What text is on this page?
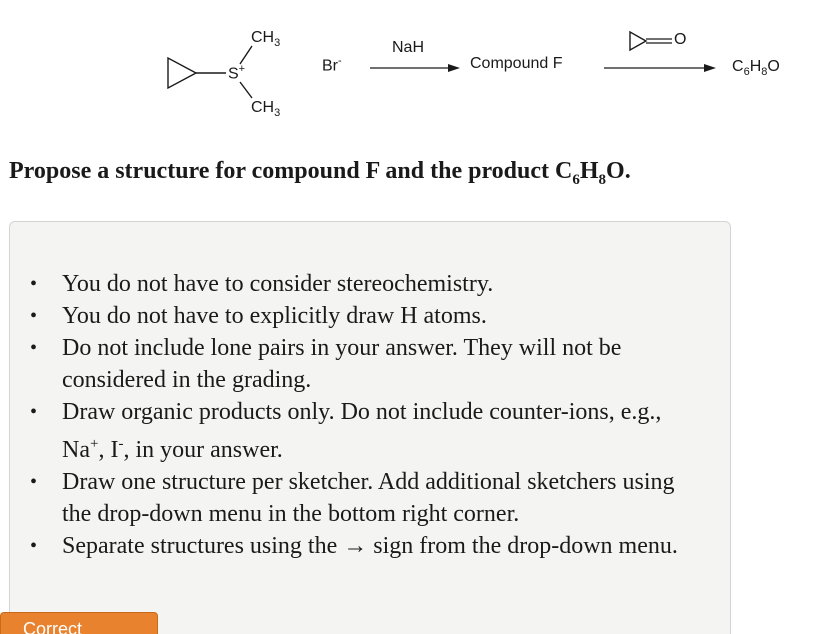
$CH_3$
S+
$CH_3$
Br-
NaH
Compound F
O
$C_6H_8O$
Propose a structure for compound F and the product $C_6H_8O$.
• You do not have to consider stereochemistry.
• You do not have to explicitly draw H atoms.
• Do not include lone pairs in your answer. They will not be considered in the grading.
• Draw organic products only. Do not include counter-ions, e.g., Na+, I-, in your answer.
• Draw one structure per sketcher. Add additional sketchers using the drop-down menu in the bottom right corner.
• Separate structures using the → sign from the drop-down menu.
Correct
